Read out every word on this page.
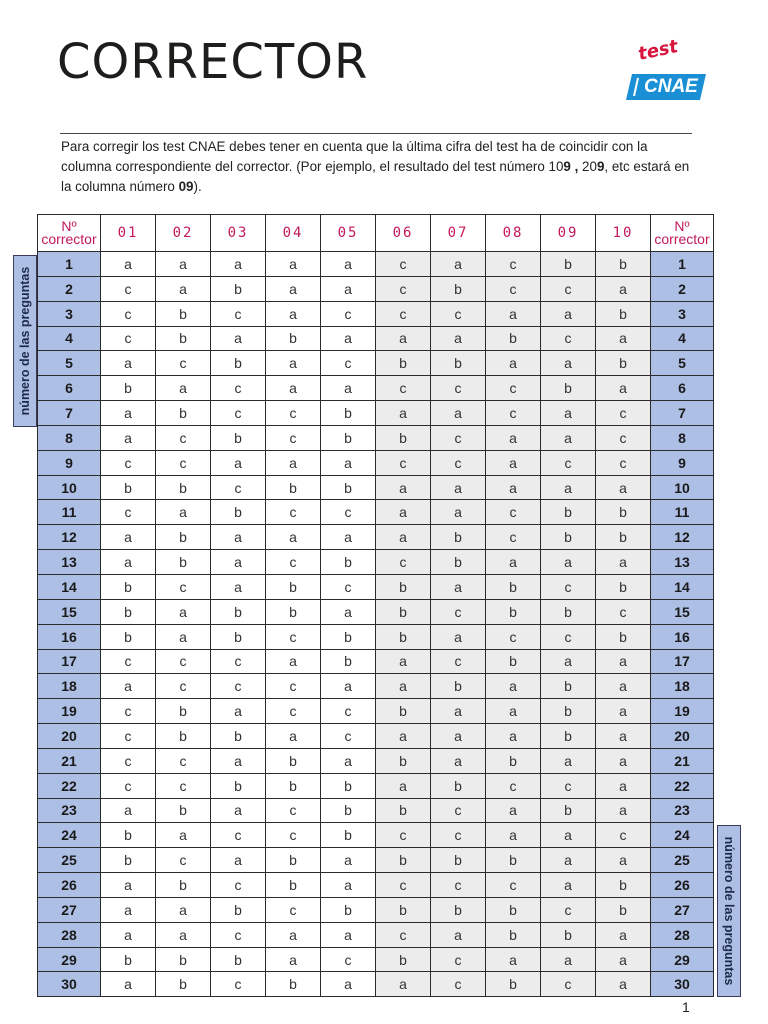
CORRECTOR	test
CNAE
Para corregir los test CNAE debes tener en cuenta que la última cifra del test ha de coincidir con la columna correspondiente del corrector. (Por ejemplo, el resultado del test número 109 , 209, etc estará en la columna número 09).
Nº
corrector	01	02	03	04	05	06	07	08	09	10	Nº
corrector
1	a	a	a	a	a	c	a	c	b	b	1
2	c	a	b	a	a	c	b	c	c	a	2
3	c	b	c	a	c	c	c	a	a	b	3
4	c	b	a	b	a	a	a	b	c	a	4
5	a	c	b	a	c	b	b	a	a	b	5
6	b	a	c	a	a	c	c	c	b	a	6
7	a	b	c	c	b	a	a	c	a	c	7
8	a	c	b	c	b	b	c	a	a	c	8
9	c	c	a	a	a	c	c	a	c	c	9
10	b	b	c	b	b	a	a	a	a	a	10
11	c	a	b	c	c	a	a	c	b	b	11
12	a	b	a	a	a	a	b	c	b	b	12
13	a	b	a	c	b	c	b	a	a	a	13
14	b	c	a	b	c	b	a	b	c	b	14
15	b	a	b	b	a	b	c	b	b	c	15
16	b	a	b	c	b	b	a	c	c	b	16
17	c	c	c	a	b	a	c	b	a	a	17
18	a	c	c	c	a	a	b	a	b	a	18
19	c	b	a	c	c	b	a	a	b	a	19
20	c	b	b	a	c	a	a	a	b	a	20
21	c	c	a	b	a	b	a	b	a	a	21
22	c	c	b	b	b	a	b	c	c	a	22
23	a	b	a	c	b	b	c	a	b	a	23
24	b	a	c	c	b	c	c	a	a	c	24
25	b	c	a	b	a	b	b	b	a	a	25
26	a	b	c	b	a	c	c	c	a	b	26
27	a	a	b	c	b	b	b	b	c	b	27
28	a	a	c	a	a	c	a	b	b	a	28
29	b	b	b	a	c	b	c	a	a	a	29
30	a	b	c	b	a	a	c	b	c	a	30
número de las preguntas
número de las preguntas
1
